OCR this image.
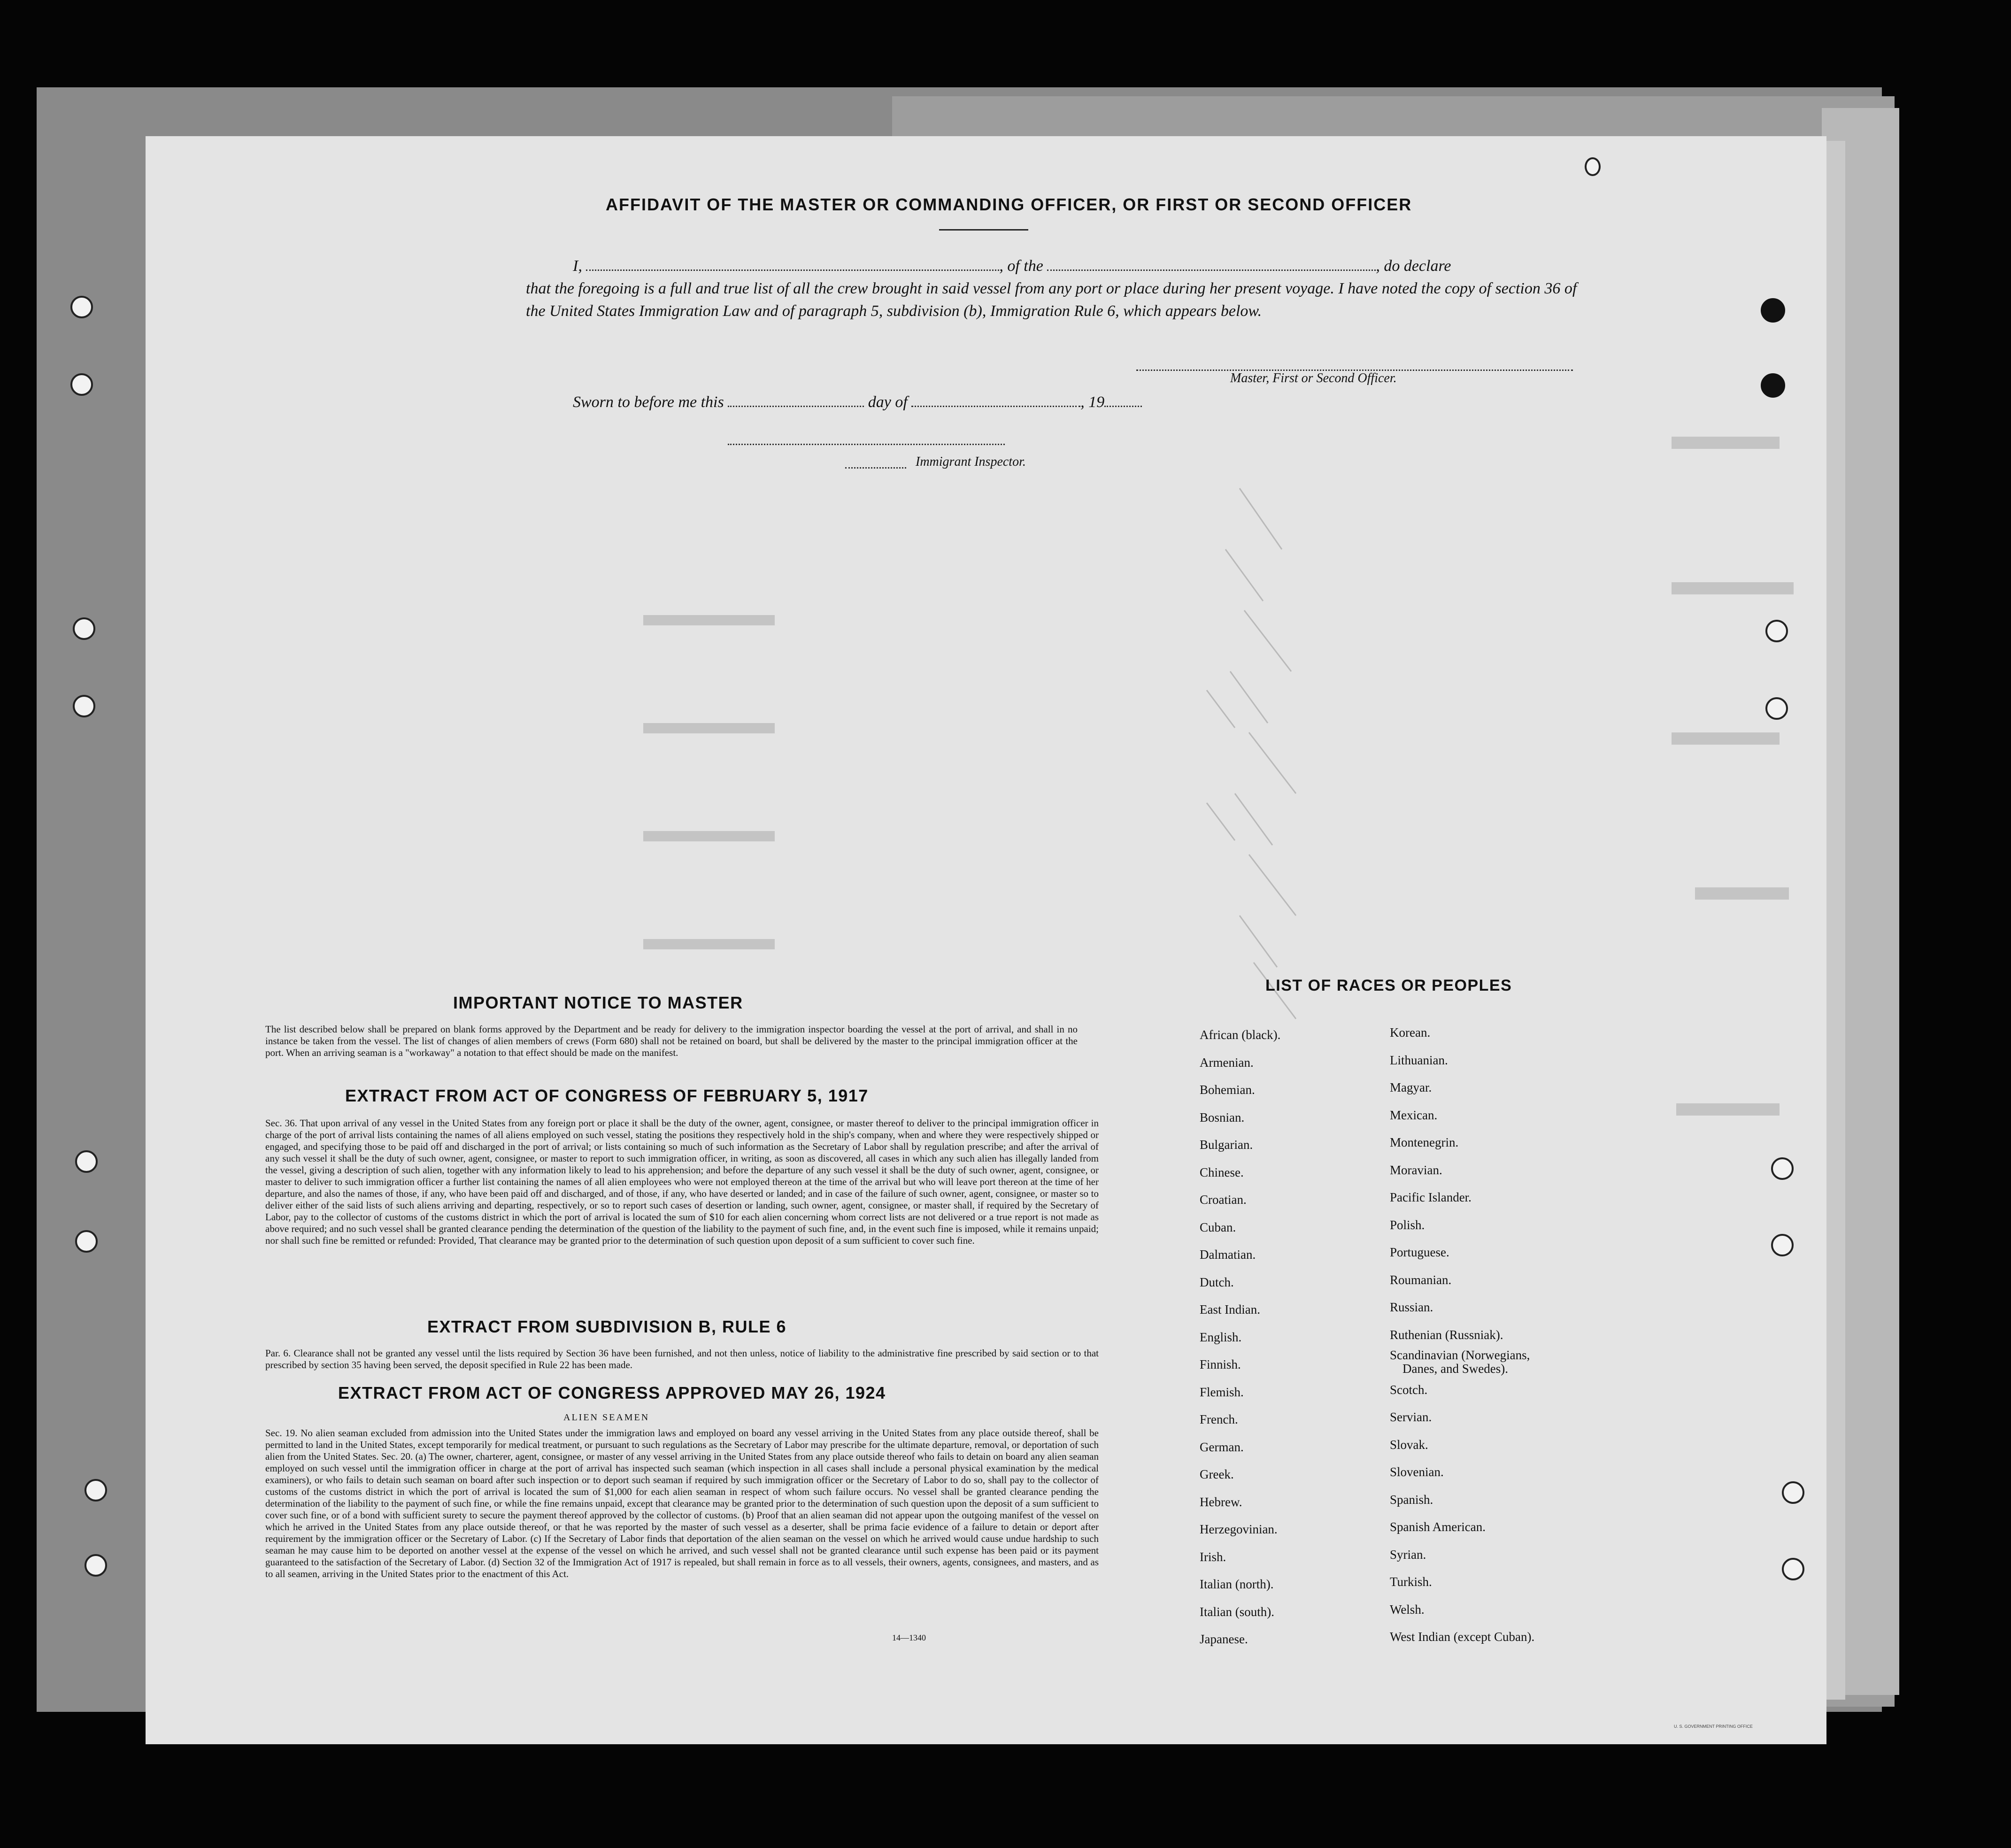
AFFIDAVIT OF THE MASTER OR COMMANDING OFFICER, OR FIRST OR SECOND OFFICER
I,	, of the	, do declare
that the foregoing is a full and true list of all the crew brought in said vessel from any port or place during her present voyage. I have noted the copy of section 36 of the United States Immigration Law and of paragraph 5, subdivision (b), Immigration Rule 6, which appears below.
Master, First or Second Officer.
Sworn to before me this	day of	, 19
Immigrant Inspector.
IMPORTANT NOTICE TO MASTER
The list described below shall be prepared on blank forms approved by the Department and be ready for delivery to the immigration inspector boarding the vessel at the port of arrival, and shall in no instance be taken from the vessel. The list of changes of alien members of crews (Form 680) shall not be retained on board, but shall be delivered by the master to the principal immigration officer at the port. When an arriving seaman is a "workaway" a notation to that effect should be made on the manifest.
EXTRACT FROM ACT OF CONGRESS OF FEBRUARY 5, 1917
Sec. 36. That upon arrival of any vessel in the United States from any foreign port or place it shall be the duty of the owner, agent, consignee, or master thereof to deliver to the principal immigration officer in charge of the port of arrival lists containing the names of all aliens employed on such vessel, stating the positions they respectively hold in the ship's company, when and where they were respectively shipped or engaged, and specifying those to be paid off and discharged in the port of arrival; or lists containing so much of such information as the Secretary of Labor shall by regulation prescribe; and after the arrival of any such vessel it shall be the duty of such owner, agent, consignee, or master to report to such immigration officer, in writing, as soon as discovered, all cases in which any such alien has illegally landed from the vessel, giving a description of such alien, together with any information likely to lead to his apprehension; and before the departure of any such vessel it shall be the duty of such owner, agent, consignee, or master to deliver to such immigration officer a further list containing the names of all alien employees who were not employed thereon at the time of the arrival but who will leave port thereon at the time of her departure, and also the names of those, if any, who have been paid off and discharged, and of those, if any, who have deserted or landed; and in case of the failure of such owner, agent, consignee, or master so to deliver either of the said lists of such aliens arriving and departing, respectively, or so to report such cases of desertion or landing, such owner, agent, consignee, or master shall, if required by the Secretary of Labor, pay to the collector of customs of the customs district in which the port of arrival is located the sum of $10 for each alien concerning whom correct lists are not delivered or a true report is not made as above required; and no such vessel shall be granted clearance pending the determination of the question of the liability to the payment of such fine, and, in the event such fine is imposed, while it remains unpaid; nor shall such fine be remitted or refunded: Provided, That clearance may be granted prior to the determination of such question upon deposit of a sum sufficient to cover such fine.
EXTRACT FROM SUBDIVISION B, RULE 6
Par. 6. Clearance shall not be granted any vessel until the lists required by Section 36 have been furnished, and not then unless, notice of liability to the administrative fine prescribed by said section or to that prescribed by section 35 having been served, the deposit specified in Rule 22 has been made.
EXTRACT FROM ACT OF CONGRESS APPROVED MAY 26, 1924
ALIEN SEAMEN
Sec. 19. No alien seaman excluded from admission into the United States under the immigration laws and employed on board any vessel arriving in the United States from any place outside thereof, shall be permitted to land in the United States, except temporarily for medical treatment, or pursuant to such regulations as the Secretary of Labor may prescribe for the ultimate departure, removal, or deportation of such alien from the United States. Sec. 20. (a) The owner, charterer, agent, consignee, or master of any vessel arriving in the United States from any place outside thereof who fails to detain on board any alien seaman employed on such vessel until the immigration officer in charge at the port of arrival has inspected such seaman (which inspection in all cases shall include a personal physical examination by the medical examiners), or who fails to detain such seaman on board after such inspection or to deport such seaman if required by such immigration officer or the Secretary of Labor to do so, shall pay to the collector of customs of the customs district in which the port of arrival is located the sum of $1,000 for each alien seaman in respect of whom such failure occurs. No vessel shall be granted clearance pending the determination of the liability to the payment of such fine, or while the fine remains unpaid, except that clearance may be granted prior to the determination of such question upon the deposit of a sum sufficient to cover such fine, or of a bond with sufficient surety to secure the payment thereof approved by the collector of customs. (b) Proof that an alien seaman did not appear upon the outgoing manifest of the vessel on which he arrived in the United States from any place outside thereof, or that he was reported by the master of such vessel as a deserter, shall be prima facie evidence of a failure to detain or deport after requirement by the immigration officer or the Secretary of Labor. (c) If the Secretary of Labor finds that deportation of the alien seaman on the vessel on which he arrived would cause undue hardship to such seaman he may cause him to be deported on another vessel at the expense of the vessel on which he arrived, and such vessel shall not be granted clearance until such expense has been paid or its payment guaranteed to the satisfaction of the Secretary of Labor. (d) Section 32 of the Immigration Act of 1917 is repealed, but shall remain in force as to all vessels, their owners, agents, consignees, and masters, and as to all seamen, arriving in the United States prior to the enactment of this Act.
14—1340
LIST OF RACES OR PEOPLES
African (black).
Armenian.
Bohemian.
Bosnian.
Bulgarian.
Chinese.
Croatian.
Cuban.
Dalmatian.
Dutch.
East Indian.
English.
Finnish.
Flemish.
French.
German.
Greek.
Hebrew.
Herzegovinian.
Irish.
Italian (north).
Italian (south).
Japanese.
Korean.
Lithuanian.
Magyar.
Mexican.
Montenegrin.
Moravian.
Pacific Islander.
Polish.
Portuguese.
Roumanian.
Russian.
Ruthenian (Russniak).
Scandinavian (Norwegians,
Danes, and Swedes).
Scotch.
Servian.
Slovak.
Slovenian.
Spanish.
Spanish American.
Syrian.
Turkish.
Welsh.
West Indian (except Cuban).
U. S. GOVERNMENT PRINTING OFFICE
